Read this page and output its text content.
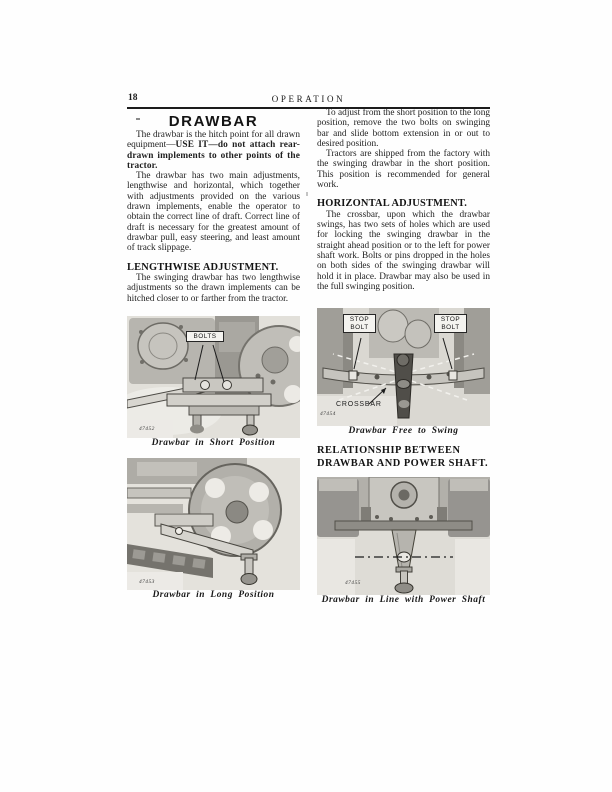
18	OPERATION
DRAWBAR

The drawbar is the hitch point for all drawn equipment—USE IT—do not attach rear-drawn implements to other points of the tractor.

The drawbar has two main adjustments, lengthwise and horizontal, which together with adjustments provided on the various drawn implements, enable the operator to obtain the correct line of draft. Correct line of draft is necessary for the greatest amount of drawbar pull, easy steering, and least amount of track slippage.

LENGTHWISE ADJUSTMENT.

The swinging drawbar has two lengthwise adjustments so the drawn implements can be hitched closer to or farther from the tractor.

BOLTS
47452

Drawbar in Short Position

47453

Drawbar in Long Position

To adjust from the short position to the long position, remove the two bolts on swinging bar and slide bottom extension in or out to desired position.

Tractors are shipped from the factory with the swinging drawbar in the short position. This position is recommended for general work.

HORIZONTAL ADJUSTMENT.

The crossbar, upon which the drawbar swings, has two sets of holes which are used for locking the swinging drawbar in the straight ahead position or to the left for power shaft work. Bolts or pins dropped in the holes on both sides of the swinging drawbar will hold it in place. Drawbar may also be used in the full swinging position.

STOP BOLT
STOP BOLT
CROSSBAR
47454

Drawbar Free to Swing

RELATIONSHIP BETWEEN DRAWBAR AND POWER SHAFT.
47455

Drawbar in Line with Power Shaft
